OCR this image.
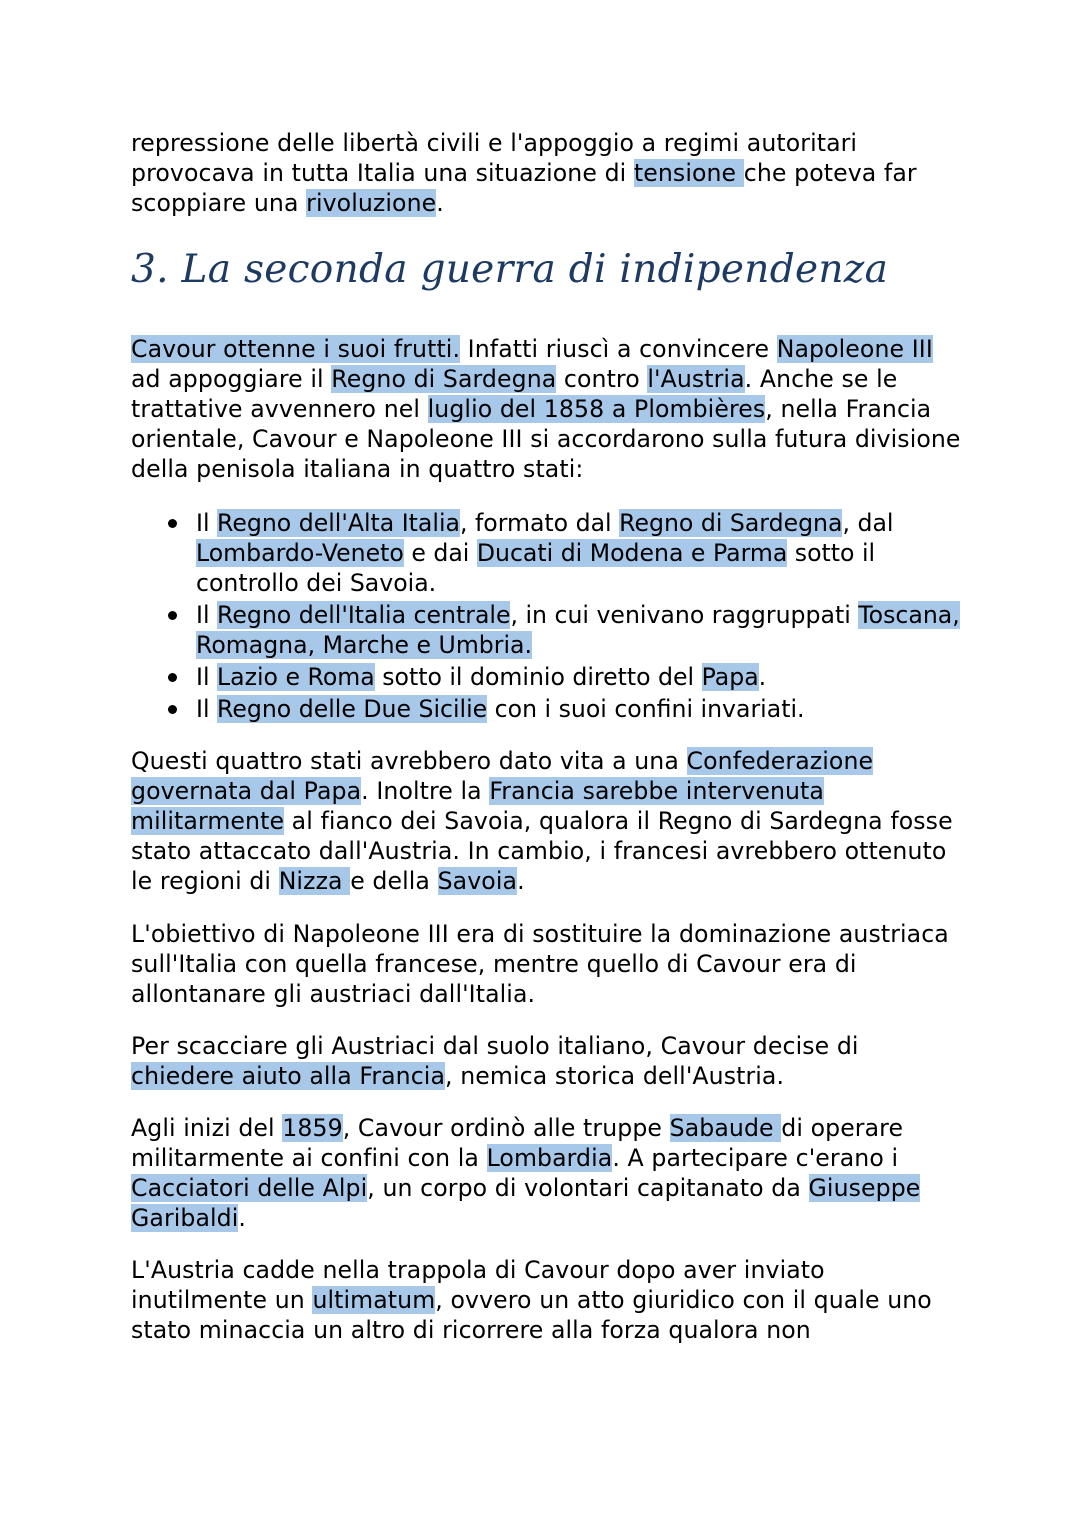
repressione delle libertà civili e l'appoggio a regimi autoritari provocava in tutta Italia una situazione di tensione che poteva far scoppiare una rivoluzione.

3. La seconda guerra di indipendenza

Cavour ottenne i suoi frutti. Infatti riuscì a convincere Napoleone III ad appoggiare il Regno di Sardegna contro l'Austria. Anche se le trattative avvennero nel luglio del 1858 a Plombières, nella Francia orientale, Cavour e Napoleone III si accordarono sulla futura divisione della penisola italiana in quattro stati:

Il Regno dell'Alta Italia, formato dal Regno di Sardegna, dal Lombardo-Veneto e dai Ducati di Modena e Parma sotto il controllo dei Savoia.
Il Regno dell'Italia centrale, in cui venivano raggruppati Toscana, Romagna, Marche e Umbria.
Il Lazio e Roma sotto il dominio diretto del Papa.
Il Regno delle Due Sicilie con i suoi confini invariati.

Questi quattro stati avrebbero dato vita a una Confederazione governata dal Papa. Inoltre la Francia sarebbe intervenuta militarmente al fianco dei Savoia, qualora il Regno di Sardegna fosse stato attaccato dall'Austria. In cambio, i francesi avrebbero ottenuto le regioni di Nizza e della Savoia.

L'obiettivo di Napoleone III era di sostituire la dominazione austriaca sull'Italia con quella francese, mentre quello di Cavour era di allontanare gli austriaci dall'Italia.

Per scacciare gli Austriaci dal suolo italiano, Cavour decise di chiedere aiuto alla Francia, nemica storica dell'Austria.

Agli inizi del 1859, Cavour ordinò alle truppe Sabaude di operare militarmente ai confini con la Lombardia. A partecipare c'erano i Cacciatori delle Alpi, un corpo di volontari capitanato da Giuseppe Garibaldi.

L'Austria cadde nella trappola di Cavour dopo aver inviato inutilmente un ultimatum, ovvero un atto giuridico con il quale uno stato minaccia un altro di ricorrere alla forza qualora non
